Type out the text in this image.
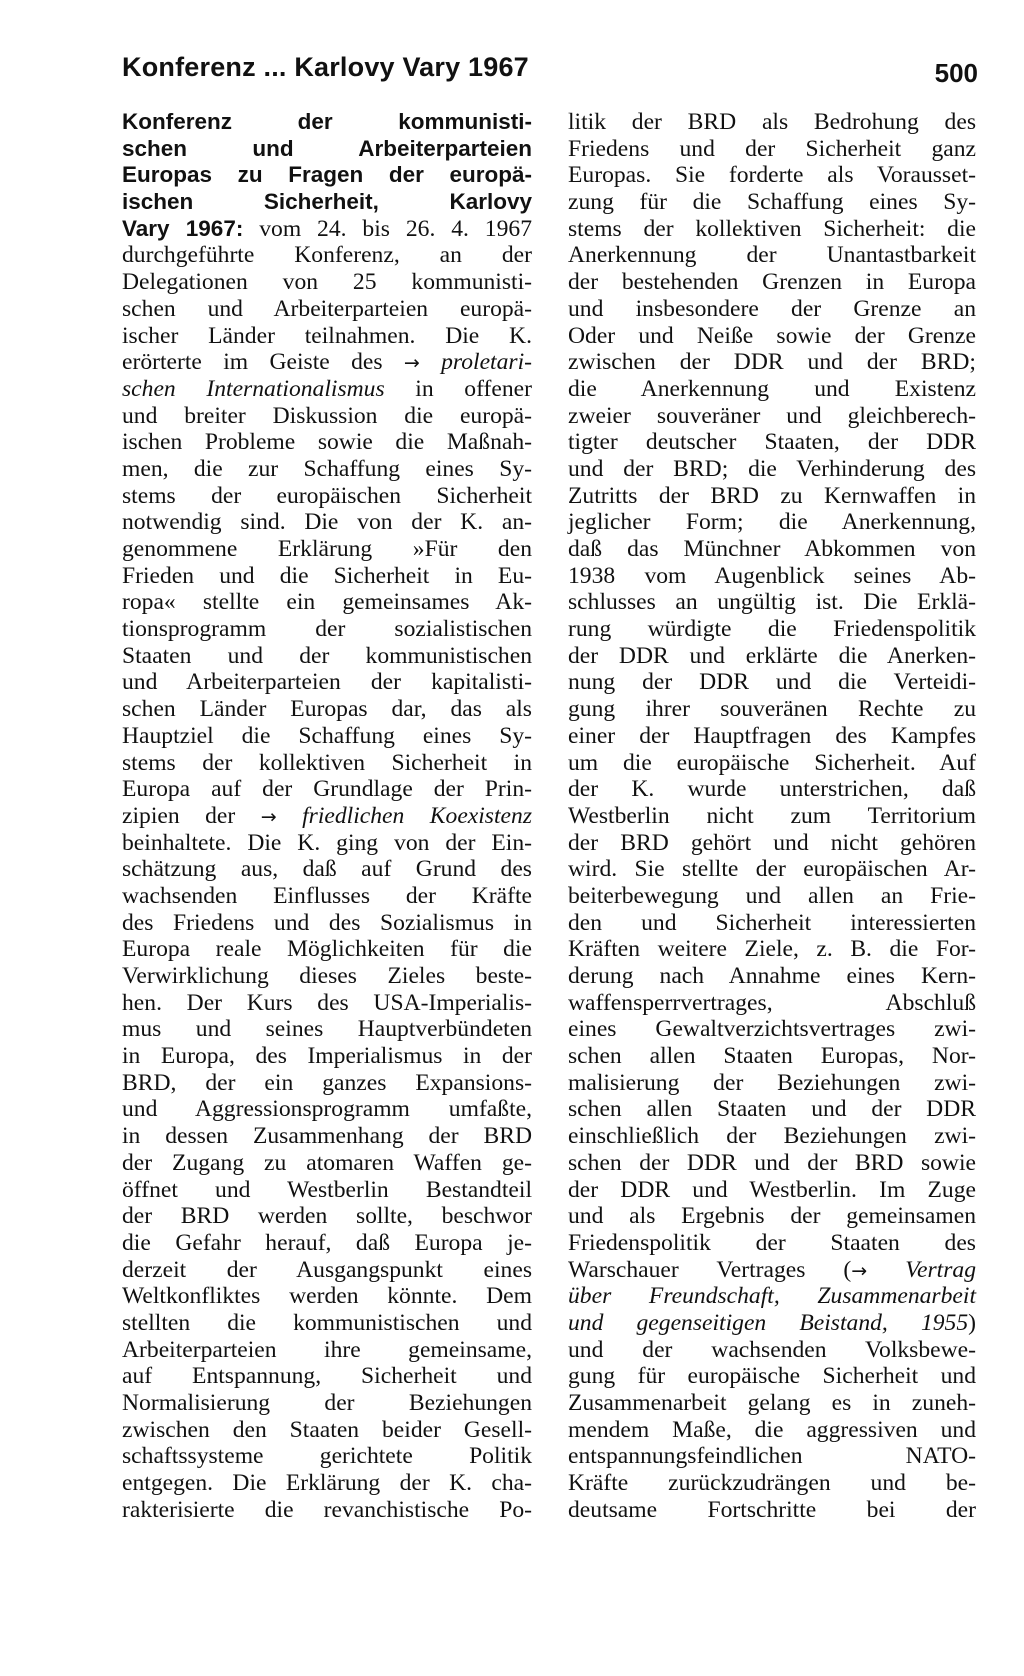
Konferenz ... Karlovy Vary 1967	500
Konferenz der kommunisti-
schen und Arbeiterparteien
Europas zu Fragen der europä-
ischen Sicherheit, Karlovy
Vary 1967: vom 24. bis 26. 4. 1967
durchgeführte Konferenz, an der
Delegationen von 25 kommunisti-
schen und Arbeiterparteien europä-
ischer Länder teilnahmen. Die K.
erörterte im Geiste des → proletari-
schen Internationalismus in offener
und breiter Diskussion die europä-
ischen Probleme sowie die Maßnah-
men, die zur Schaffung eines Sy-
stems der europäischen Sicherheit
notwendig sind. Die von der K. an-
genommene Erklärung »Für den
Frieden und die Sicherheit in Eu-
ropa« stellte ein gemeinsames Ak-
tionsprogramm der sozialistischen
Staaten und der kommunistischen
und Arbeiterparteien der kapitalisti-
schen Länder Europas dar, das als
Hauptziel die Schaffung eines Sy-
stems der kollektiven Sicherheit in
Europa auf der Grundlage der Prin-
zipien der → friedlichen Koexistenz
beinhaltete. Die K. ging von der Ein-
schätzung aus, daß auf Grund des
wachsenden Einflusses der Kräfte
des Friedens und des Sozialismus in
Europa reale Möglichkeiten für die
Verwirklichung dieses Zieles beste-
hen. Der Kurs des USA-Imperialis-
mus und seines Hauptverbündeten
in Europa, des Imperialismus in der
BRD, der ein ganzes Expansions-
und Aggressionsprogramm umfaßte,
in dessen Zusammenhang der BRD
der Zugang zu atomaren Waffen ge-
öffnet und Westberlin Bestandteil
der BRD werden sollte, beschwor
die Gefahr herauf, daß Europa je-
derzeit der Ausgangspunkt eines
Weltkonfliktes werden könnte. Dem
stellten die kommunistischen und
Arbeiterparteien ihre gemeinsame,
auf Entspannung, Sicherheit und
Normalisierung der Beziehungen
zwischen den Staaten beider Gesell-
schaftssysteme gerichtete Politik
entgegen. Die Erklärung der K. cha-
rakterisierte die revanchistische Po-
litik der BRD als Bedrohung des
Friedens und der Sicherheit ganz
Europas. Sie forderte als Vorausset-
zung für die Schaffung eines Sy-
stems der kollektiven Sicherheit: die
Anerkennung der Unantastbarkeit
der bestehenden Grenzen in Europa
und insbesondere der Grenze an
Oder und Neiße sowie der Grenze
zwischen der DDR und der BRD;
die Anerkennung und Existenz
zweier souveräner und gleichberech-
tigter deutscher Staaten, der DDR
und der BRD; die Verhinderung des
Zutritts der BRD zu Kernwaffen in
jeglicher Form; die Anerkennung,
daß das Münchner Abkommen von
1938 vom Augenblick seines Ab-
schlusses an ungültig ist. Die Erklä-
rung würdigte die Friedenspolitik
der DDR und erklärte die Anerken-
nung der DDR und die Verteidi-
gung ihrer souveränen Rechte zu
einer der Hauptfragen des Kampfes
um die europäische Sicherheit. Auf
der K. wurde unterstrichen, daß
Westberlin nicht zum Territorium
der BRD gehört und nicht gehören
wird. Sie stellte der europäischen Ar-
beiterbewegung und allen an Frie-
den und Sicherheit interessierten
Kräften weitere Ziele, z. B. die For-
derung nach Annahme eines Kern-
waffensperrvertrages, Abschluß
eines Gewaltverzichtsvertrages zwi-
schen allen Staaten Europas, Nor-
malisierung der Beziehungen zwi-
schen allen Staaten und der DDR
einschließlich der Beziehungen zwi-
schen der DDR und der BRD sowie
der DDR und Westberlin. Im Zuge
und als Ergebnis der gemeinsamen
Friedenspolitik der Staaten des
Warschauer Vertrages (→ Vertrag
über Freundschaft, Zusammenarbeit
und gegenseitigen Beistand, 1955)
und der wachsenden Volksbewe-
gung für europäische Sicherheit und
Zusammenarbeit gelang es in zuneh-
mendem Maße, die aggressiven und
entspannungsfeindlichen NATO-
Kräfte zurückzudrängen und be-
deutsame Fortschritte bei der
